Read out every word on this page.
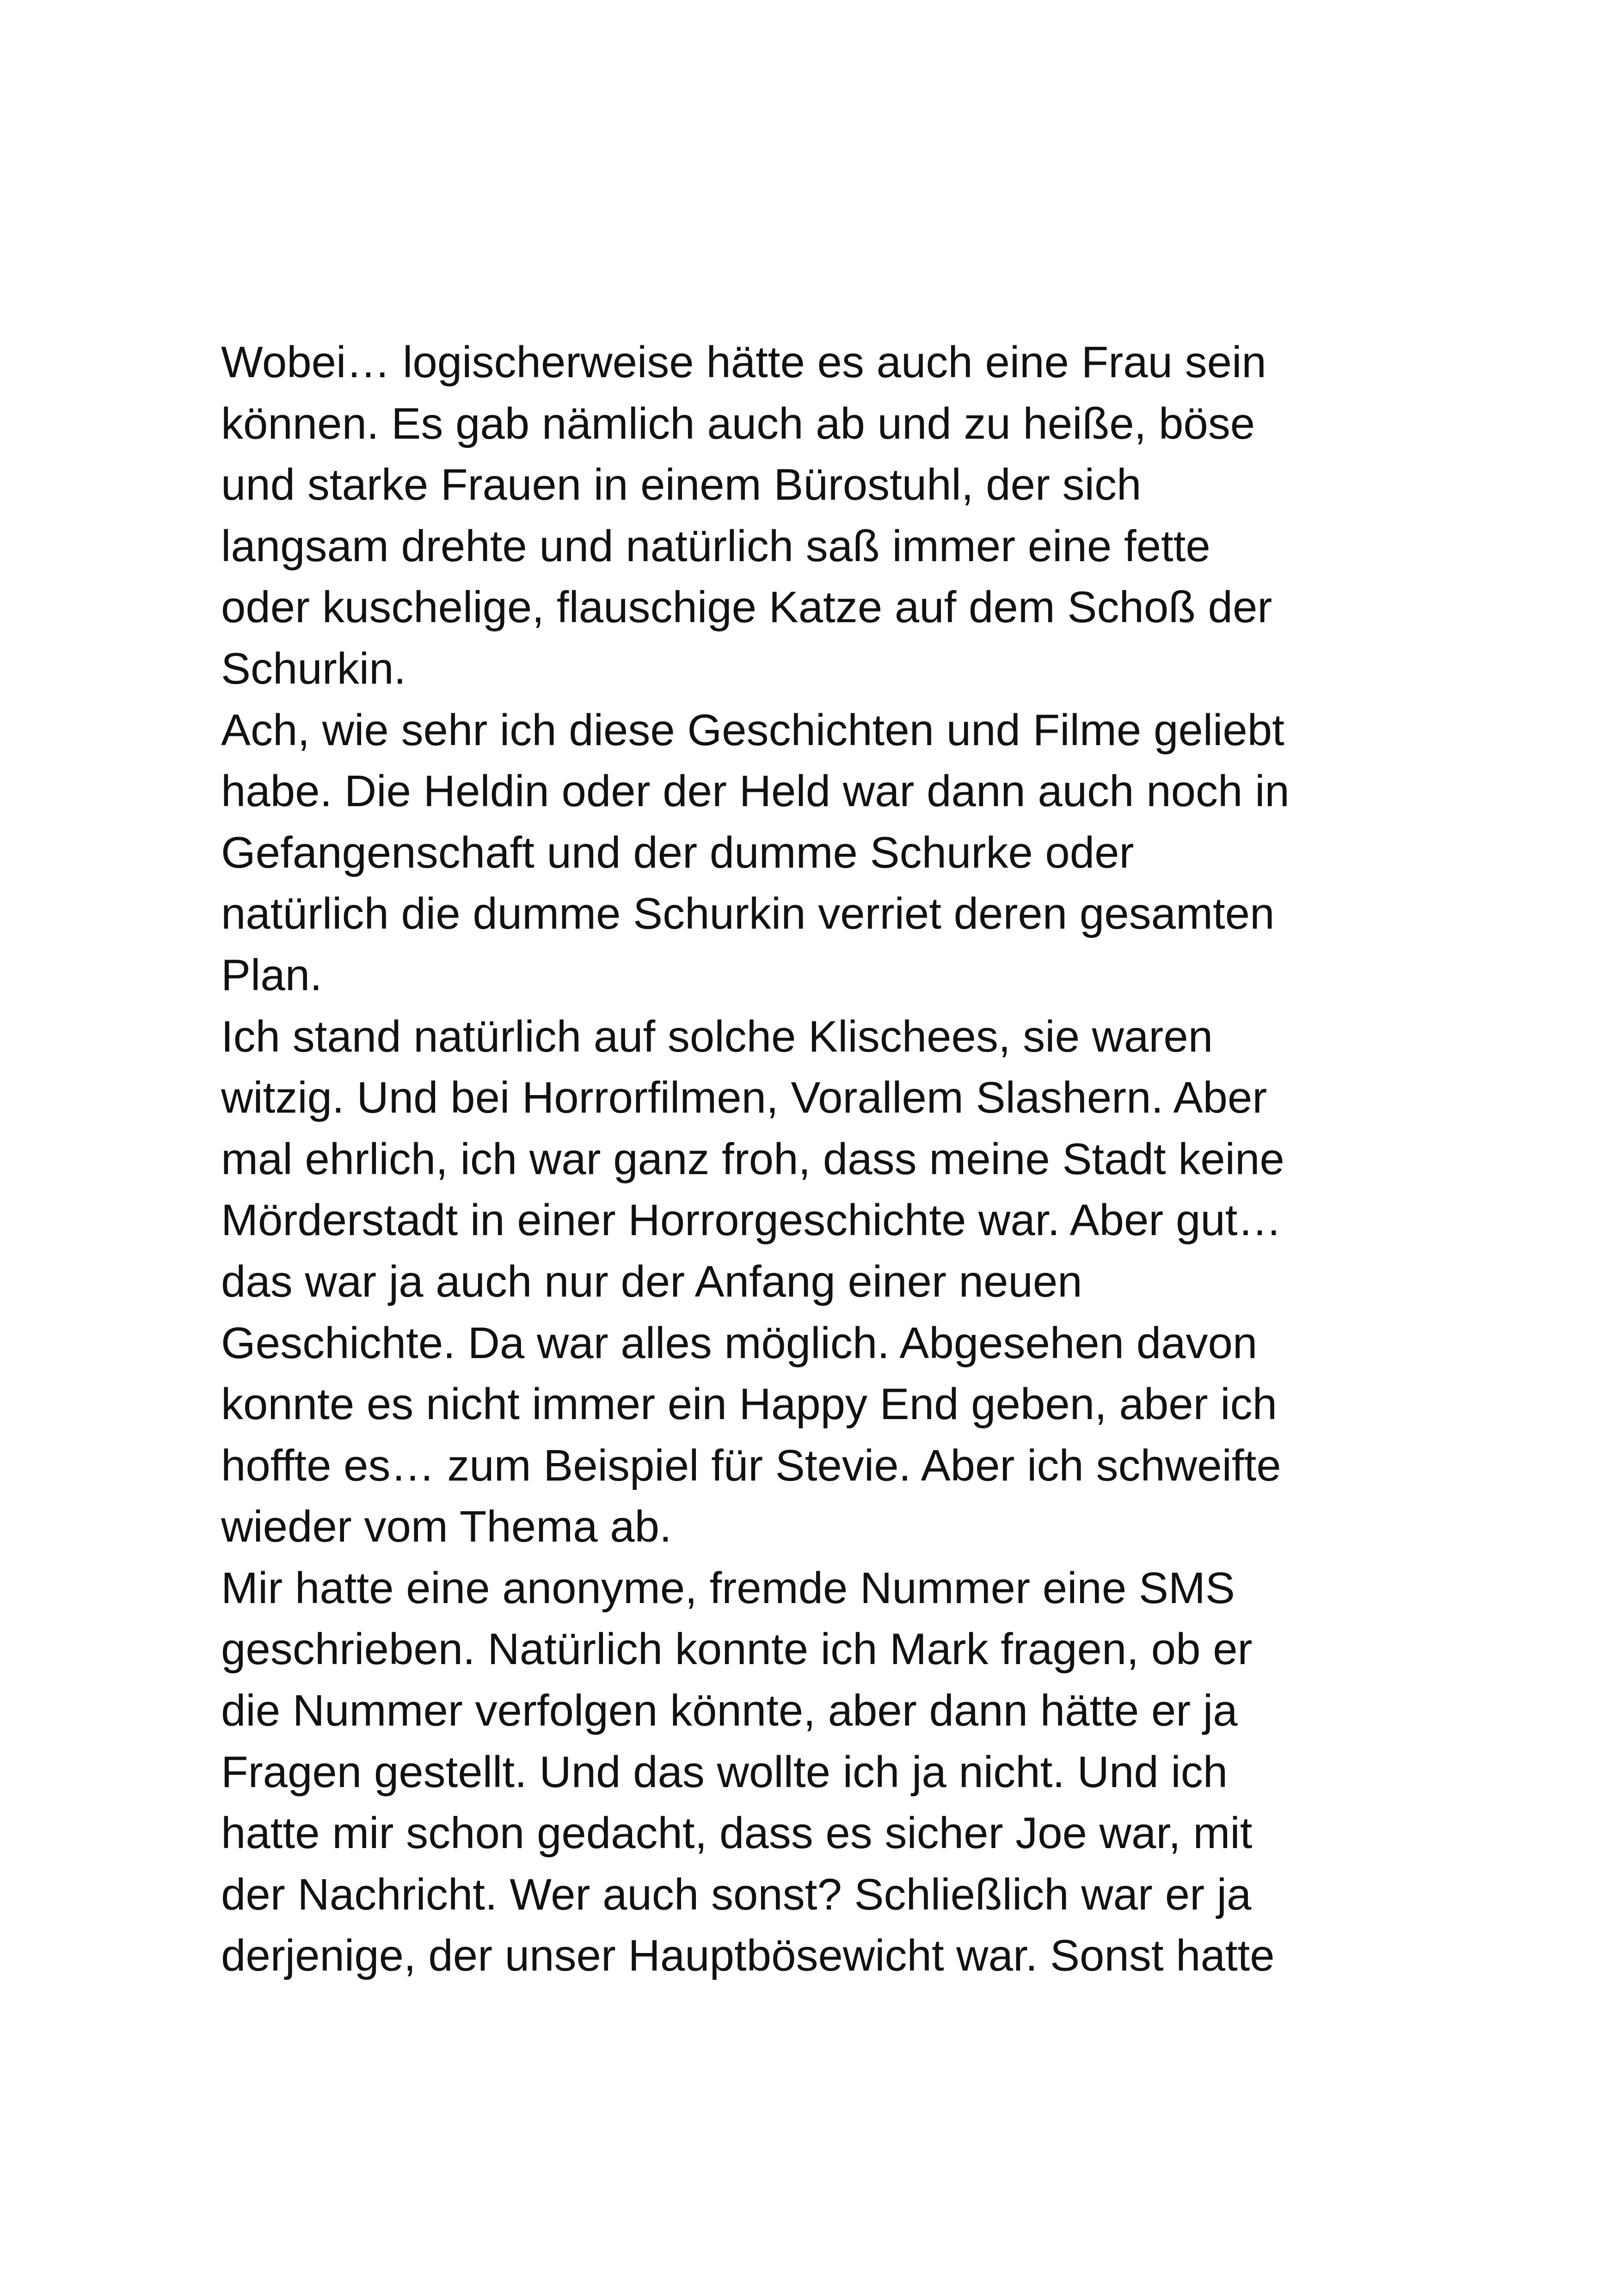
Wobei… logischerweise hätte es auch eine Frau sein
können. Es gab nämlich auch ab und zu heiße, böse
und starke Frauen in einem Bürostuhl, der sich
langsam drehte und natürlich saß immer eine fette
oder kuschelige, flauschige Katze auf dem Schoß der
Schurkin.
Ach, wie sehr ich diese Geschichten und Filme geliebt
habe. Die Heldin oder der Held war dann auch noch in
Gefangenschaft und der dumme Schurke oder
natürlich die dumme Schurkin verriet deren gesamten
Plan.
Ich stand natürlich auf solche Klischees, sie waren
witzig. Und bei Horrorfilmen, Vorallem Slashern. Aber
mal ehrlich, ich war ganz froh, dass meine Stadt keine
Mörderstadt in einer Horrorgeschichte war. Aber gut…
das war ja auch nur der Anfang einer neuen
Geschichte. Da war alles möglich. Abgesehen davon
konnte es nicht immer ein Happy End geben, aber ich
hoffte es… zum Beispiel für Stevie. Aber ich schweifte
wieder vom Thema ab.
Mir hatte eine anonyme, fremde Nummer eine SMS
geschrieben. Natürlich konnte ich Mark fragen, ob er
die Nummer verfolgen könnte, aber dann hätte er ja
Fragen gestellt. Und das wollte ich ja nicht. Und ich
hatte mir schon gedacht, dass es sicher Joe war, mit
der Nachricht. Wer auch sonst? Schließlich war er ja
derjenige, der unser Hauptbösewicht war. Sonst hatte
